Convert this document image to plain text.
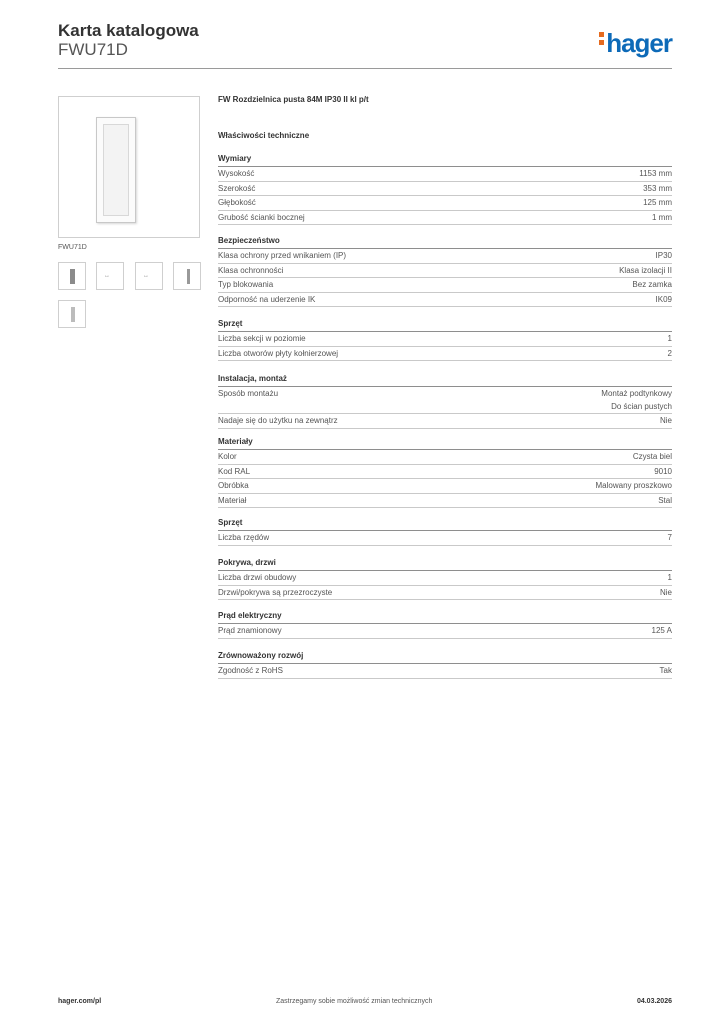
Karta katalogowa
FWU71D	hager
FWU71D
↔	↔
FW Rozdzielnica pusta 84M IP30 II kl p/t
Właściwości techniczne
Wymiary
Wysokość	1153 mm
Szerokość	353 mm
Głębokość	125 mm
Grubość ścianki bocznej	1 mm
Bezpieczeństwo
Klasa ochrony przed wnikaniem (IP)	IP30
Klasa ochronności	Klasa izolacji II
Typ blokowania	Bez zamka
Odporność na uderzenie IK	IK09
Sprzęt
Liczba sekcji w poziomie	1
Liczba otworów płyty kołnierzowej	2
Instalacja, montaż
Sposób montażu	Montaż podtynkowy
Do ścian pustych
Nadaje się do użytku na zewnątrz	Nie
Materiały
Kolor	Czysta biel
Kod RAL	9010
Obróbka	Malowany proszkowo
Materiał	Stal
Sprzęt
Liczba rzędów	7
Pokrywa, drzwi
Liczba drzwi obudowy	1
Drzwi/pokrywa są przezroczyste	Nie
Prąd elektryczny
Prąd znamionowy	125 A
Zrównoważony rozwój
Zgodność z RoHS	Tak
hager.com/pl	Zastrzegamy sobie możliwość zmian technicznych	04.03.2026
